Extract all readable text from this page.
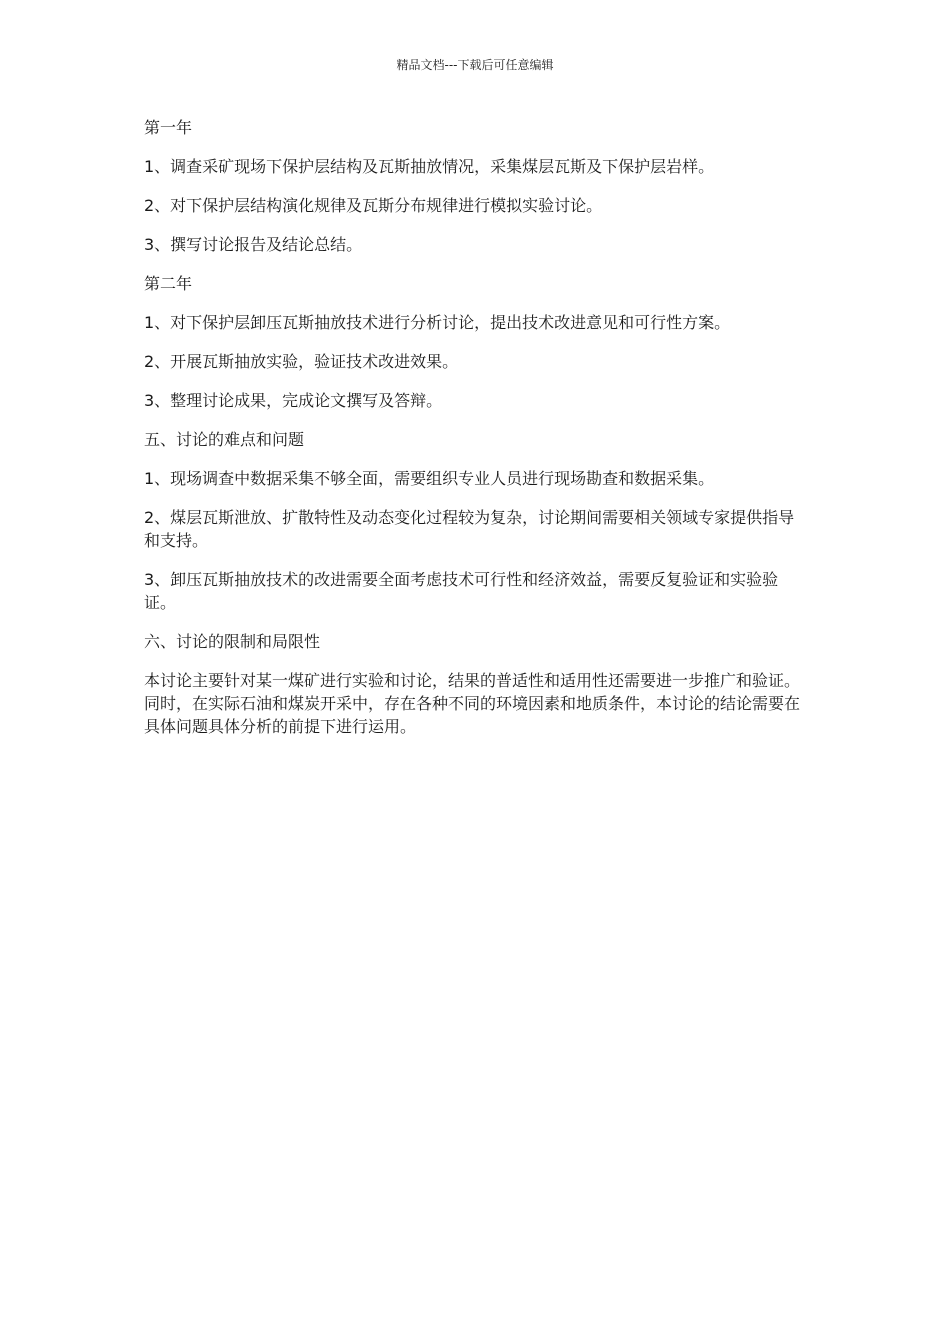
精品文档---下载后可任意编辑

第一年

1、调查采矿现场下保护层结构及瓦斯抽放情况，采集煤层瓦斯及下保护层岩样。

2、对下保护层结构演化规律及瓦斯分布规律进行模拟实验讨论。

3、撰写讨论报告及结论总结。

第二年

1、对下保护层卸压瓦斯抽放技术进行分析讨论，提出技术改进意见和可行性方案。

2、开展瓦斯抽放实验，验证技术改进效果。

3、整理讨论成果，完成论文撰写及答辩。

五、讨论的难点和问题

1、现场调查中数据采集不够全面，需要组织专业人员进行现场勘查和数据采集。

2、煤层瓦斯泄放、扩散特性及动态变化过程较为复杂，讨论期间需要相关领域专家提供指导和支持。

3、卸压瓦斯抽放技术的改进需要全面考虑技术可行性和经济效益，需要反复验证和实验验证。

六、讨论的限制和局限性

本讨论主要针对某一煤矿进行实验和讨论，结果的普适性和适用性还需要进一步推广和验证。同时，在实际石油和煤炭开采中，存在各种不同的环境因素和地质条件，本讨论的结论需要在具体问题具体分析的前提下进行运用。
